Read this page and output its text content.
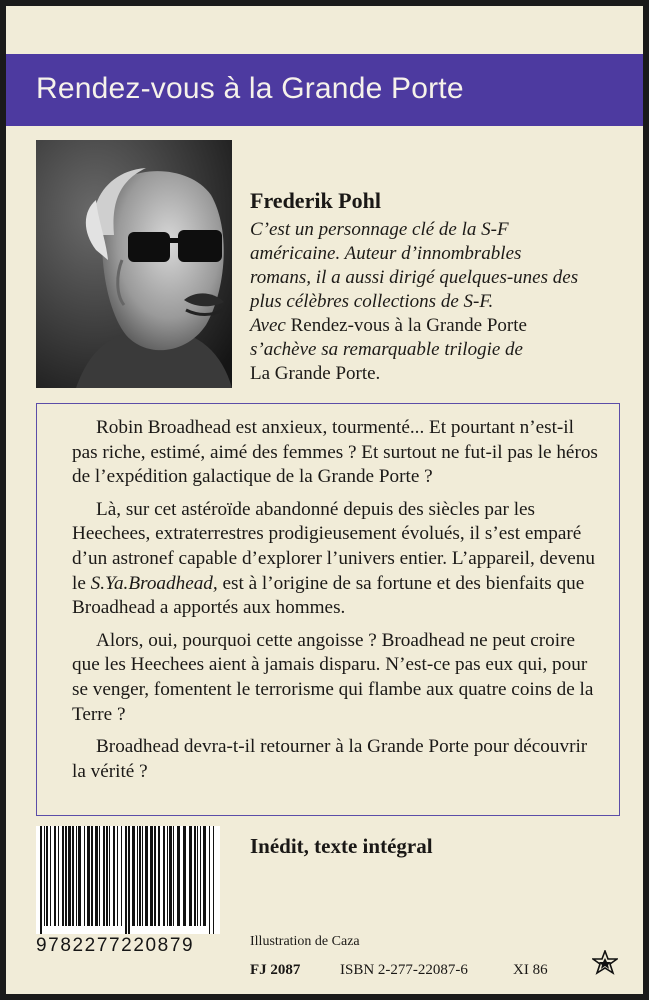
Rendez-vous à la Grande Porte
Frederik Pohl
C’est un personnage clé de la S-F
américaine. Auteur d’innombrables
romans, il a aussi dirigé quelques-unes des
plus célèbres collections de S-F.
Avec Rendez-vous à la Grande Porte
s’achève sa remarquable trilogie de
La Grande Porte.

Robin Broadhead est anxieux, tourmenté... Et pourtant n’est-il pas riche, estimé, aimé des femmes ? Et surtout ne fut-il pas le héros de l’expédition galactique de la Grande Porte ?

Là, sur cet astéroïde abandonné depuis des siècles par les Heechees, extraterrestres prodigieusement évolués, il s’est emparé d’un astronef capable d’explorer l’univers entier. L’appareil, devenu le S.Ya.Broadhead, est à l’origine de sa fortune et des bienfaits que Broadhead a apportés aux hommes.

Alors, oui, pourquoi cette angoisse ? Broadhead ne peut croire que les Heechees aient à jamais disparu. N’est-ce pas eux qui, pour se venger, fomentent le terrorisme qui flambe aux quatre coins de la Terre ?

Broadhead devra-t-il retourner à la Grande Porte pour découvrir la vérité ?

Inédit, texte intégral
9782277220879	Illustration de Caza
FJ 2087	ISBN 2-277-22087-6	XI 86
